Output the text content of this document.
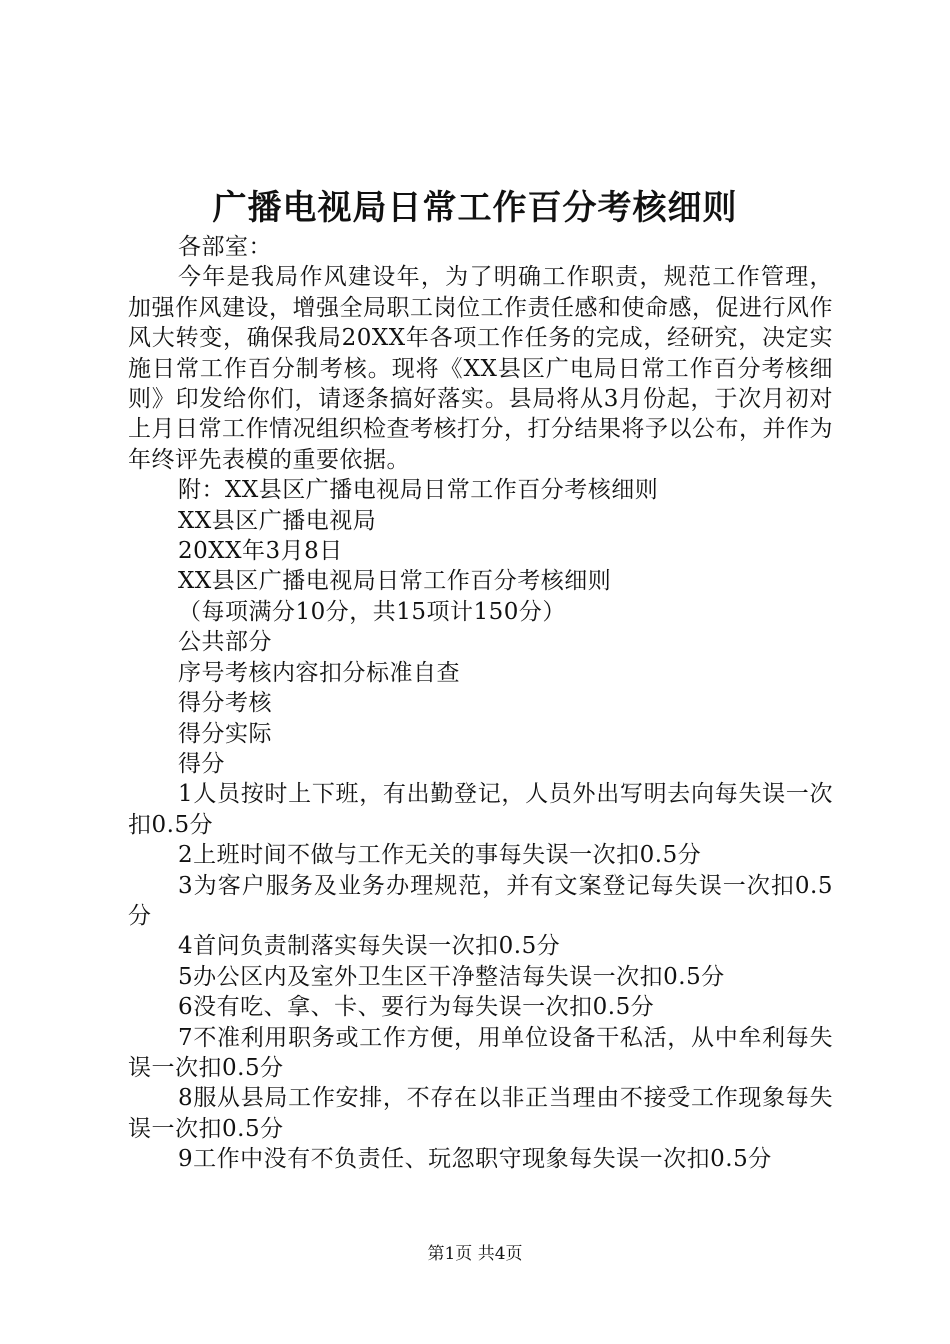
广播电视局日常工作百分考核细则

各部室：

今年是我局作风建设年，为了明确工作职责，规范工作管理，加强作风建设，增强全局职工岗位工作责任感和使命感，促进行风作风大转变，确保我局20XX年各项工作任务的完成，经研究，决定实施日常工作百分制考核。现将《XX县区广电局日常工作百分考核细则》印发给你们，请逐条搞好落实。县局将从3月份起，于次月初对上月日常工作情况组织检查考核打分，打分结果将予以公布，并作为年终评先表模的重要依据。

附：XX县区广播电视局日常工作百分考核细则

XX县区广播电视局

20XX年3月8日

XX县区广播电视局日常工作百分考核细则

（每项满分10分，共15项计150分）

公共部分

序号考核内容扣分标准自查

得分考核

得分实际

得分

1人员按时上下班，有出勤登记，人员外出写明去向每失误一次扣0.5分

2上班时间不做与工作无关的事每失误一次扣0.5分

3为客户服务及业务办理规范，并有文案登记每失误一次扣0.5分

4首问负责制落实每失误一次扣0.5分

5办公区内及室外卫生区干净整洁每失误一次扣0.5分

6没有吃、拿、卡、要行为每失误一次扣0.5分

7不准利用职务或工作方便，用单位设备干私活，从中牟利每失误一次扣0.5分

8服从县局工作安排，不存在以非正当理由不接受工作现象每失误一次扣0.5分

9工作中没有不负责任、玩忽职守现象每失误一次扣0.5分

第1页 共4页
